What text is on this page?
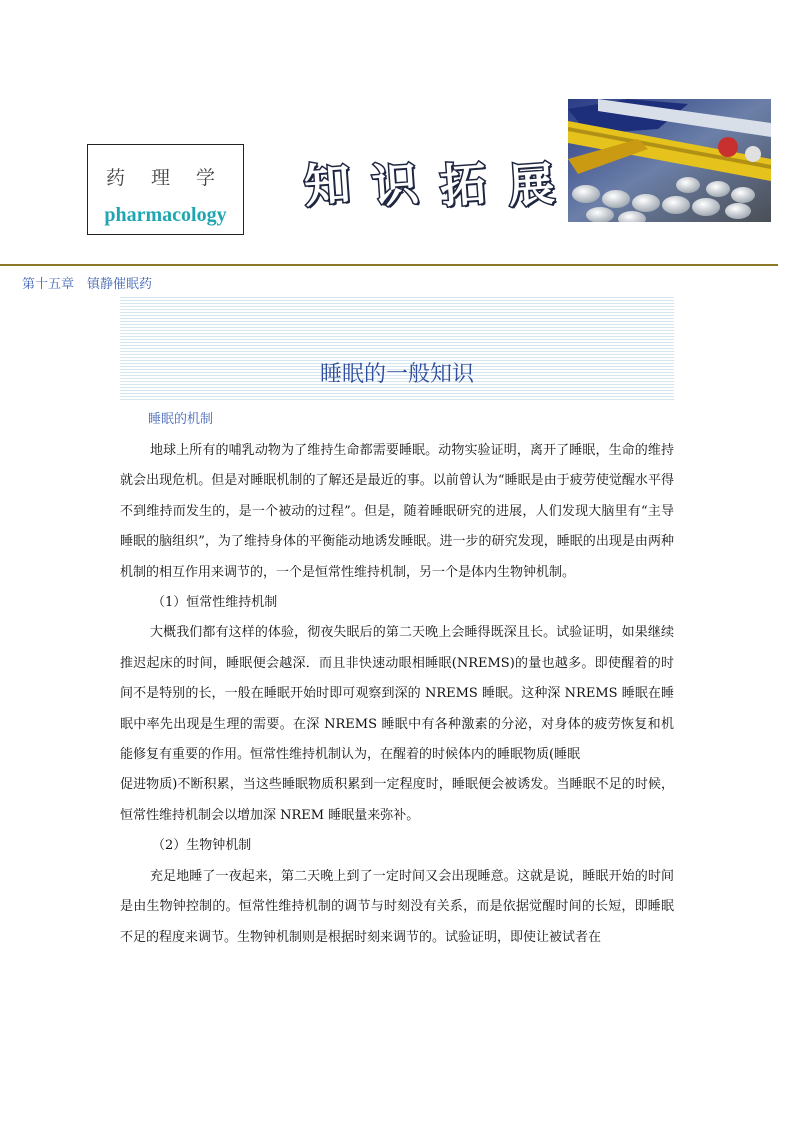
药 理 学
pharmacology
知 识 拓 展
第十五章　镇静催眠药
睡眠的一般知识
睡眠的机制

地球上所有的哺乳动物为了维持生命都需要睡眠。动物实验证明，离开了睡眠，生命的维持就会出现危机。但是对睡眠机制的了解还是最近的事。以前曾认为“睡眠是由于疲劳使觉醒水平得不到维持而发生的，是一个被动的过程”。但是，随着睡眠研究的进展，人们发现大脑里有“主导睡眠的脑组织”，为了维持身体的平衡能动地诱发睡眠。进一步的研究发现，睡眠的出现是由两种机制的相互作用来调节的，一个是恒常性维持机制，另一个是体内生物钟机制。

（1）恒常性维持机制

大概我们都有这样的体验，彻夜失眠后的第二天晚上会睡得既深且长。试验证明，如果继续推迟起床的时间，睡眠便会越深．而且非快速动眼相睡眠(NREMS)的量也越多。即使醒着的时间不是特别的长，一般在睡眠开始时即可观察到深的 NREMS 睡眠。这种深 NREMS 睡眠在睡眠中率先出现是生理的需要。在深 NREMS 睡眠中有各种激素的分泌，对身体的疲劳恢复和机能修复有重要的作用。恒常性维持机制认为，在醒着的时候体内的睡眠物质(睡眠

促进物质)不断积累，当这些睡眠物质积累到一定程度时，睡眠便会被诱发。当睡眠不足的时候，恒常性维持机制会以增加深 NREM 睡眠量来弥补。

（2）生物钟机制

充足地睡了一夜起来，第二天晚上到了一定时间又会出现睡意。这就是说，睡眠开始的时间是由生物钟控制的。恒常性维持机制的调节与时刻没有关系，而是依据觉醒时间的长短，即睡眠不足的程度来调节。生物钟机制则是根据时刻来调节的。试验证明，即使让被试者在
